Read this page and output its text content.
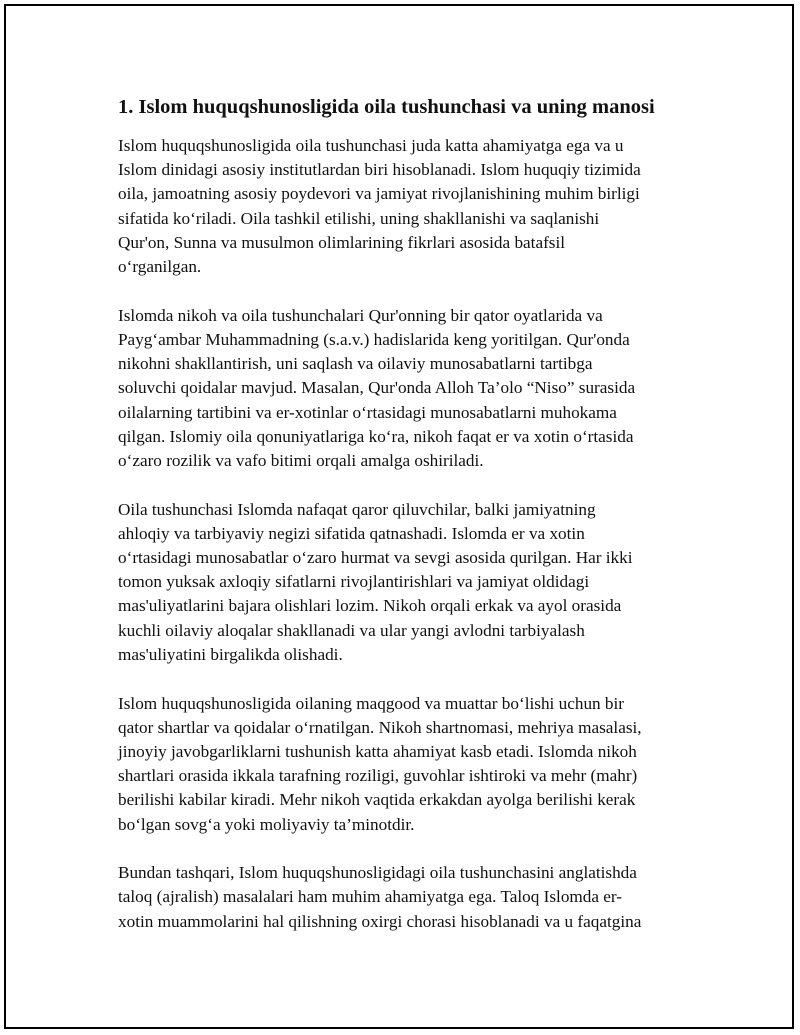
1. Islom huquqshunosligida oila tushunchasi va uning manosi

Islom huquqshunosligida oila tushunchasi juda katta ahamiyatga ega va u
Islom dinidagi asosiy institutlardan biri hisoblanadi. Islom huquqiy tizimida
oila, jamoatning asosiy poydevori va jamiyat rivojlanishining muhim birligi
sifatida ko‘riladi. Oila tashkil etilishi, uning shakllanishi va saqlanishi
Qur'on, Sunna va musulmon olimlarining fikrlari asosida batafsil
o‘rganilgan.

Islomda nikoh va oila tushunchalari Qur'onning bir qator oyatlarida va
Payg‘ambar Muhammadning (s.a.v.) hadislarida keng yoritilgan. Qur'onda
nikohni shakllantirish, uni saqlash va oilaviy munosabatlarni tartibga
soluvchi qoidalar mavjud. Masalan, Qur'onda Alloh Ta’olo “Niso” surasida
oilalarning tartibini va er-xotinlar o‘rtasidagi munosabatlarni muhokama
qilgan. Islomiy oila qonuniyatlariga ko‘ra, nikoh faqat er va xotin o‘rtasida
o‘zaro rozilik va vafo bitimi orqali amalga oshiriladi.

Oila tushunchasi Islomda nafaqat qaror qiluvchilar, balki jamiyatning
ahloqiy va tarbiyaviy negizi sifatida qatnashadi. Islomda er va xotin
o‘rtasidagi munosabatlar o‘zaro hurmat va sevgi asosida qurilgan. Har ikki
tomon yuksak axloqiy sifatlarni rivojlantirishlari va jamiyat oldidagi
mas'uliyatlarini bajara olishlari lozim. Nikoh orqali erkak va ayol orasida
kuchli oilaviy aloqalar shakllanadi va ular yangi avlodni tarbiyalash
mas'uliyatini birgalikda olishadi.

Islom huquqshunosligida oilaning maqgood va muattar bo‘lishi uchun bir
qator shartlar va qoidalar o‘rnatilgan. Nikoh shartnomasi, mehriya masalasi,
jinoyiy javobgarliklarni tushunish katta ahamiyat kasb etadi. Islomda nikoh
shartlari orasida ikkala tarafning roziligi, guvohlar ishtiroki va mehr (mahr)
berilishi kabilar kiradi. Mehr nikoh vaqtida erkakdan ayolga berilishi kerak
bo‘lgan sovg‘a yoki moliyaviy ta’minotdir.

Bundan tashqari, Islom huquqshunosligidagi oila tushunchasini anglatishda
taloq (ajralish) masalalari ham muhim ahamiyatga ega. Taloq Islomda er-
xotin muammolarini hal qilishning oxirgi chorasi hisoblanadi va u faqatgina
